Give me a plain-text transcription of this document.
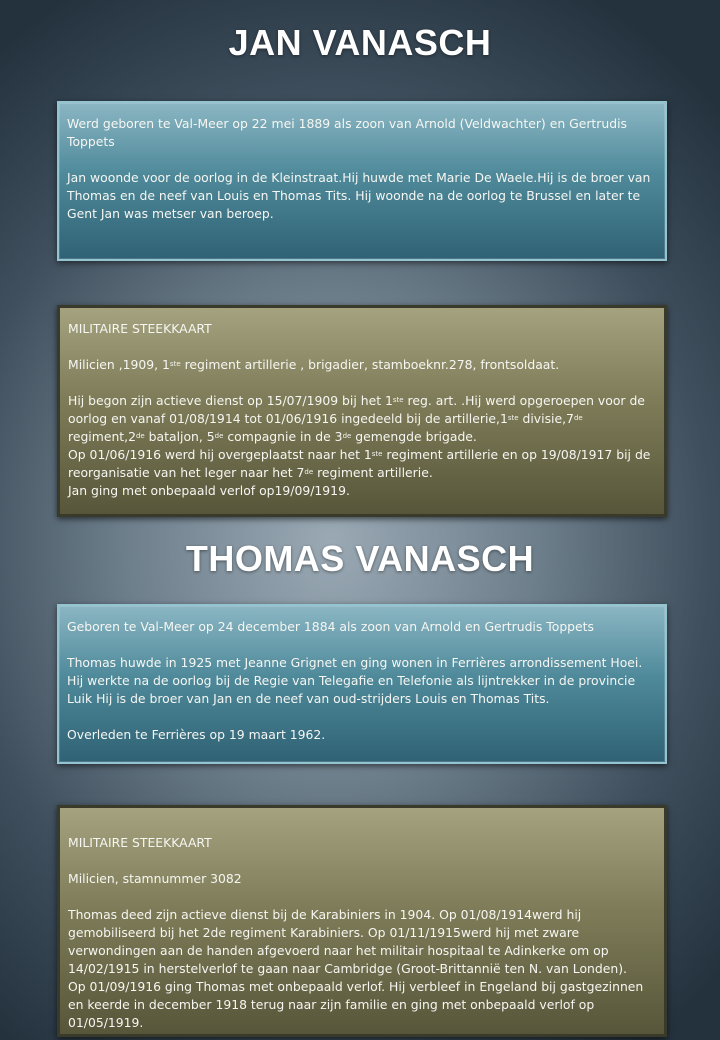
JAN VANASCH

Werd geboren te Val-Meer op 22 mei 1889 als zoon van Arnold (Veldwachter) en Gertrudis Toppets

Jan woonde voor de oorlog in de Kleinstraat.Hij huwde met Marie De Waele.Hij is de broer van Thomas en de neef van Louis en Thomas Tits. Hij woonde na de oorlog te Brussel en later te Gent Jan was metser van beroep.

MILITAIRE STEEKKAART

Milicien ,1909, 1ste regiment artillerie , brigadier, stamboeknr.278, frontsoldaat.

Hij begon zijn actieve dienst op 15/07/1909 bij het 1ste reg. art. .Hij werd opgeroepen voor de oorlog en vanaf 01/08/1914 tot 01/06/1916 ingedeeld bij de artillerie,1ste divisie,7de regiment,2de bataljon, 5de compagnie in de 3de gemengde brigade.
Op 01/06/1916 werd hij overgeplaatst naar het 1ste regiment artillerie en op 19/08/1917 bij de reorganisatie van het leger naar het 7de regiment artillerie.
Jan ging met onbepaald verlof op19/09/1919.

THOMAS VANASCH

Geboren te Val-Meer op 24 december 1884 als zoon van Arnold en Gertrudis Toppets

Thomas huwde in 1925 met Jeanne Grignet en ging wonen in Ferrières arrondissement Hoei. Hij werkte na de oorlog bij de Regie van Telegafie en Telefonie als lijntrekker in de provincie Luik Hij is de broer van Jan en de neef van oud-strijders Louis en Thomas Tits.

Overleden te Ferrières op 19 maart 1962.

MILITAIRE STEEKKAART

Milicien, stamnummer 3082

Thomas deed zijn actieve dienst bij de Karabiniers in 1904. Op 01/08/1914werd hij gemobiliseerd bij het 2de regiment Karabiniers. Op 01/11/1915werd hij met zware verwondingen aan de handen afgevoerd naar het militair hospitaal te Adinkerke om op 14/02/1915 in herstelverlof te gaan naar Cambridge (Groot-Brittannië ten N. van Londen).
Op 01/09/1916 ging Thomas met onbepaald verlof. Hij verbleef in Engeland bij gastgezinnen en keerde in december 1918 terug naar zijn familie en ging met onbepaald verlof op 01/05/1919.
